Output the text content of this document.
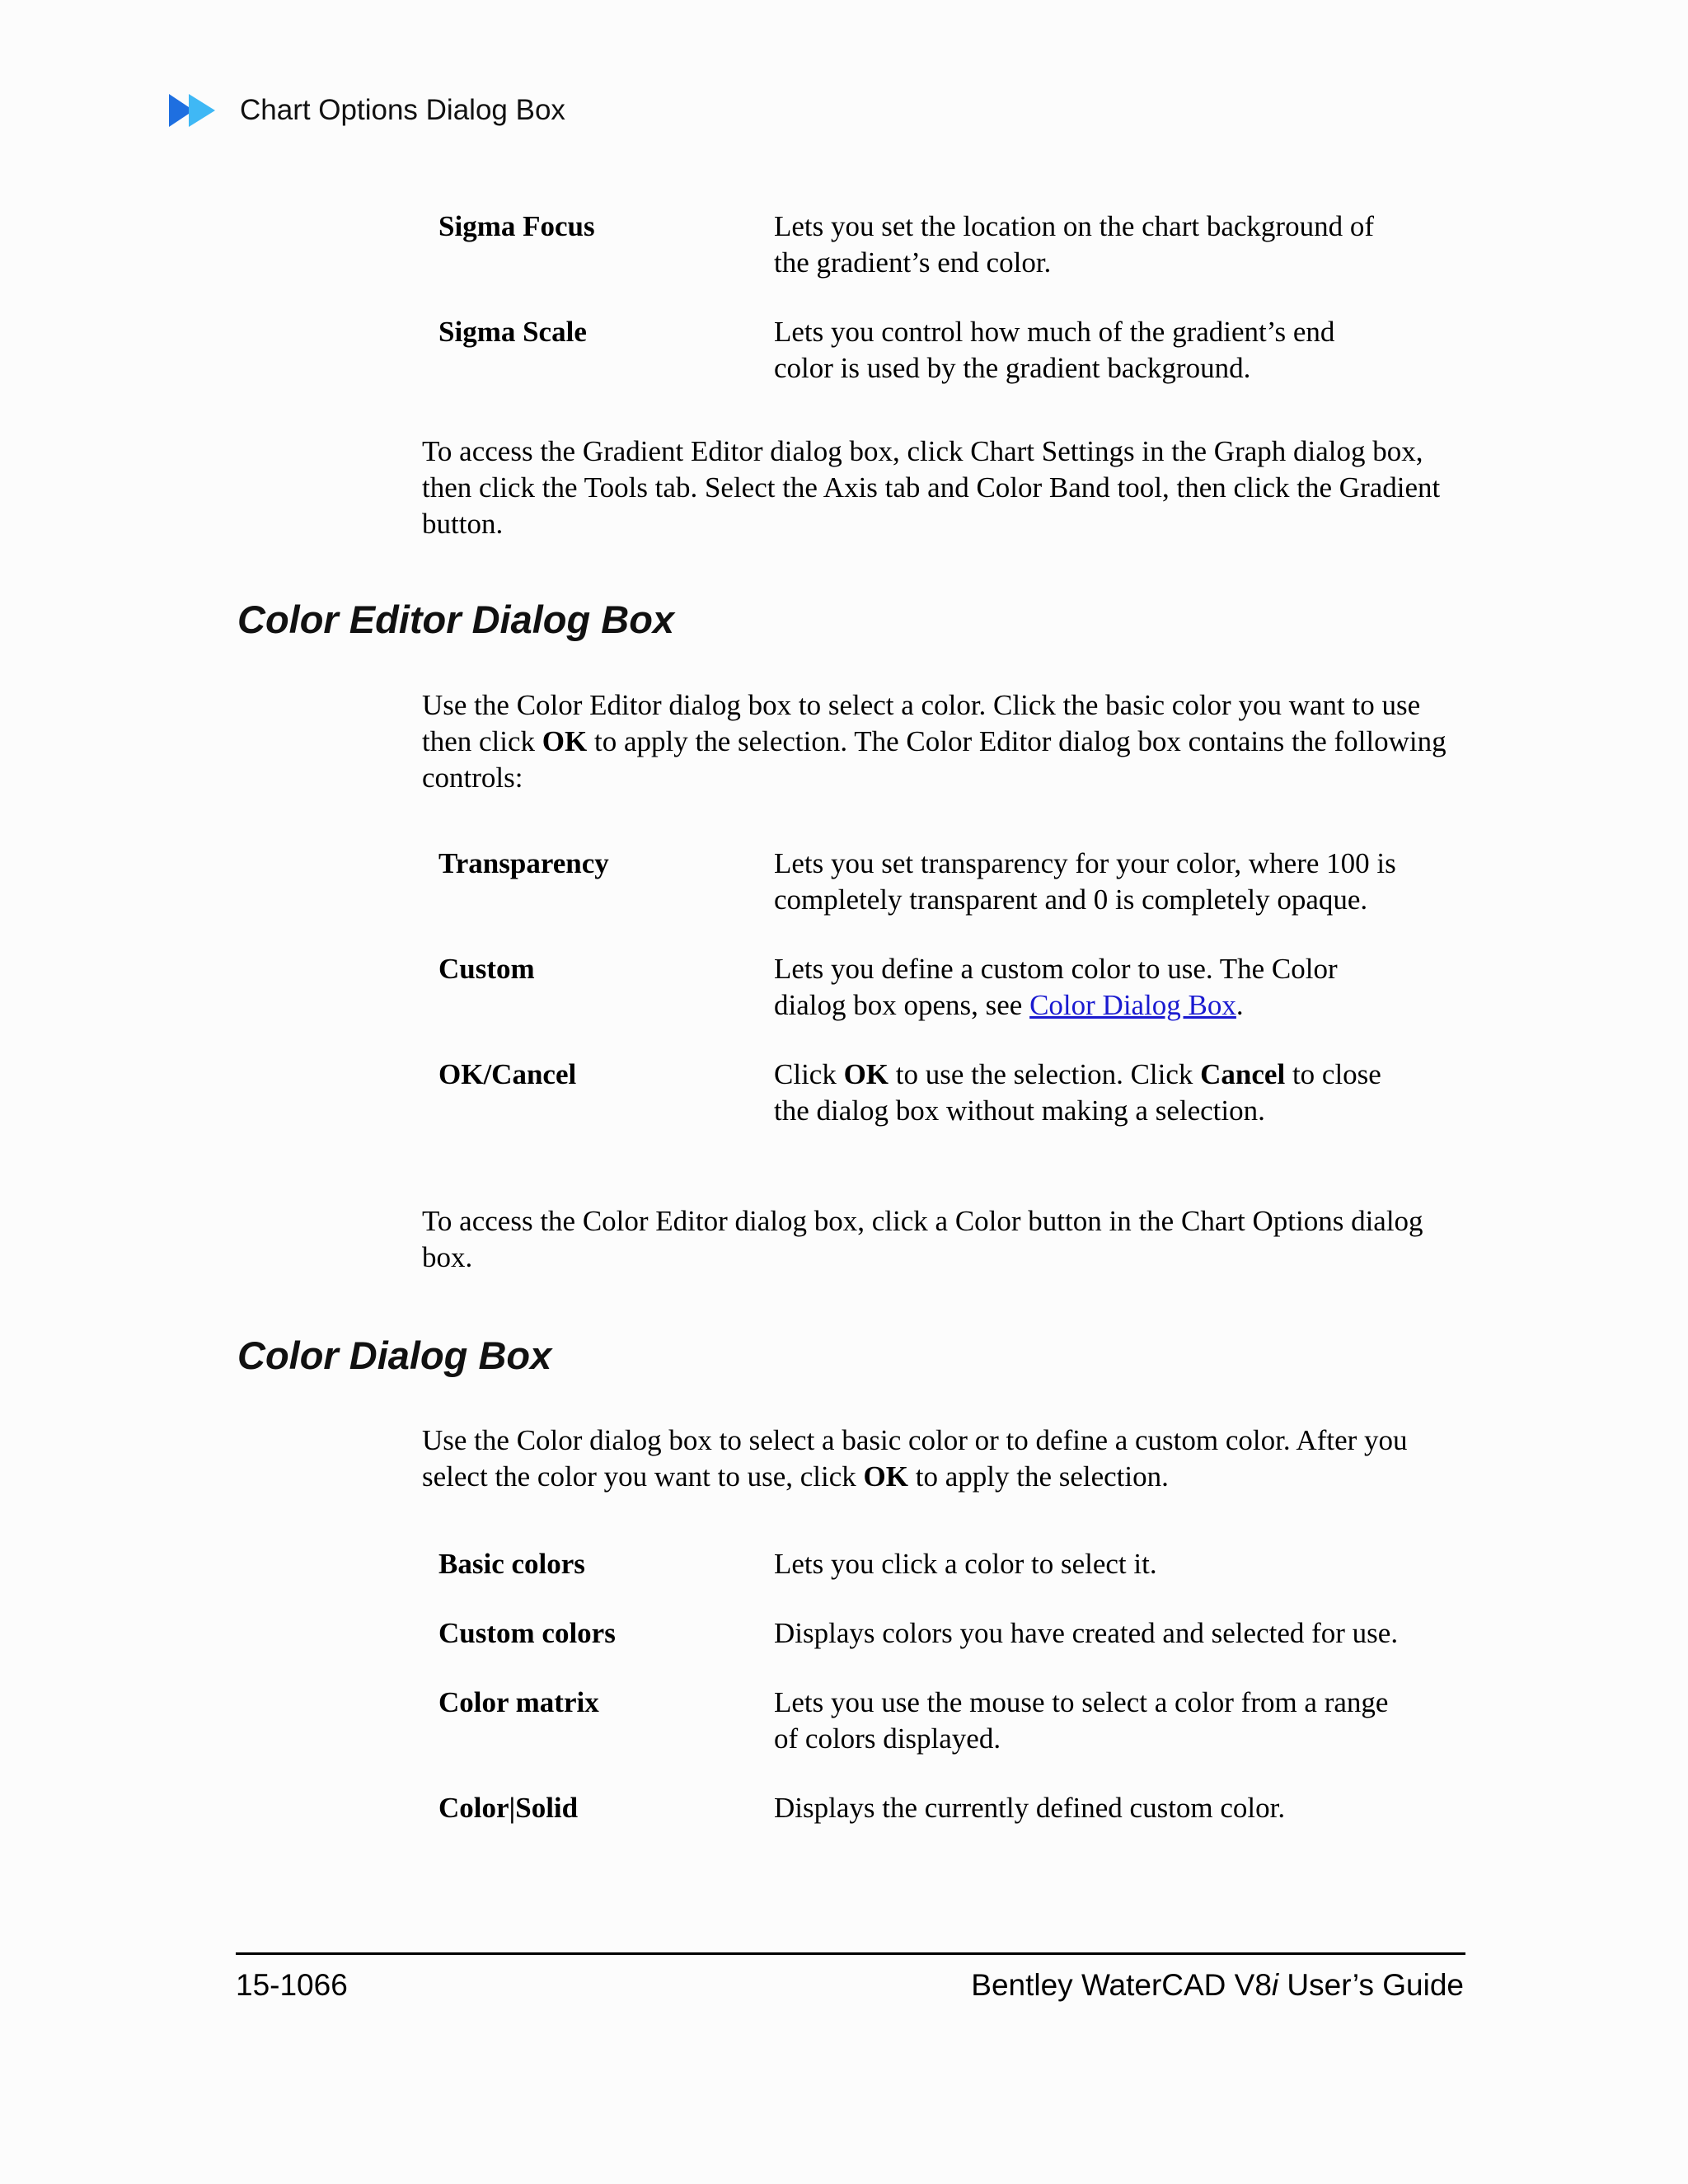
Chart Options Dialog Box
Sigma Focus	Lets you set the location on the chart background of the gradient’s end color.
Sigma Scale	Lets you control how much of the gradient’s end color is used by the gradient background.

To access the Gradient Editor dialog box, click Chart Settings in the Graph dialog box, then click the Tools tab. Select the Axis tab and Color Band tool, then click the Gradient button.

Color Editor Dialog Box

Use the Color Editor dialog box to select a color. Click the basic color you want to use then click OK to apply the selection. The Color Editor dialog box contains the following controls:

Transparency	Lets you set transparency for your color, where 100 is completely transparent and 0 is completely opaque.
Custom	Lets you define a custom color to use. The Color dialog box opens, see Color Dialog Box.
OK/Cancel	Click OK to use the selection. Click Cancel to close the dialog box without making a selection.

To access the Color Editor dialog box, click a Color button in the Chart Options dialog box.

Color Dialog Box

Use the Color dialog box to select a basic color or to define a custom color. After you select the color you want to use, click OK to apply the selection.

Basic colors	Lets you click a color to select it.
Custom colors	Displays colors you have created and selected for use.
Color matrix	Lets you use the mouse to select a color from a range of colors displayed.
Color|Solid	Displays the currently defined custom color.
15-1066	Bentley WaterCAD V8i User’s Guide
